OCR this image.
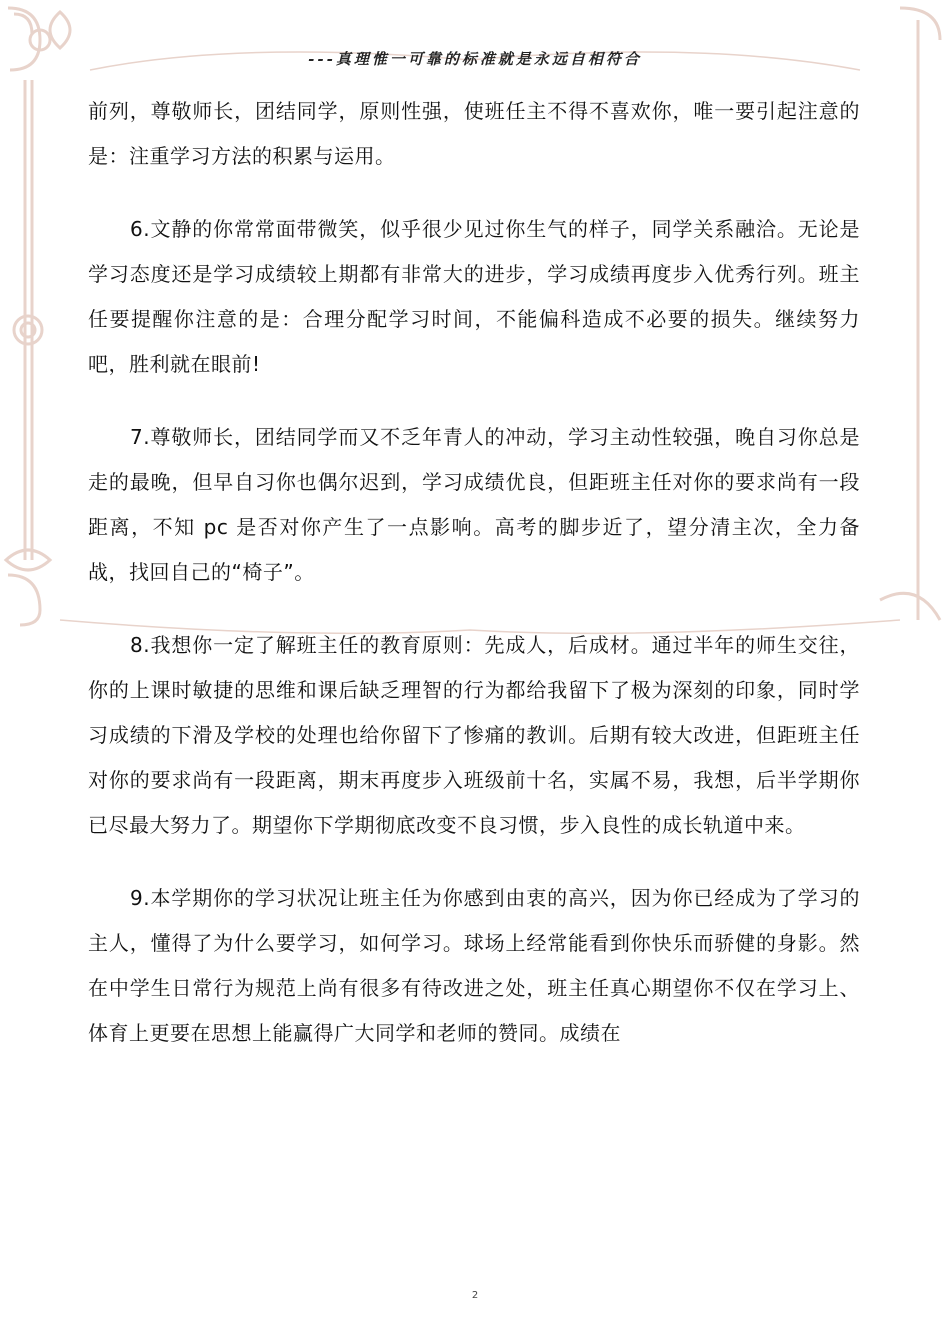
---真理惟一可靠的标准就是永远自相符合

前列，尊敬师长，团结同学，原则性强，使班任主不得不喜欢你，唯一要引起注意的是：注重学习方法的积累与运用。

6.文静的你常常面带微笑，似乎很少见过你生气的样子，同学关系融洽。无论是学习态度还是学习成绩较上期都有非常大的进步，学习成绩再度步入优秀行列。班主任要提醒你注意的是：合理分配学习时间，不能偏科造成不必要的损失。继续努力吧，胜利就在眼前!

7.尊敬师长，团结同学而又不乏年青人的冲动，学习主动性较强，晚自习你总是走的最晚，但早自习你也偶尔迟到，学习成绩优良，但距班主任对你的要求尚有一段距离，不知 pc 是否对你产生了一点影响。高考的脚步近了，望分清主次，全力备战，找回自己的“椅子”。

8.我想你一定了解班主任的教育原则：先成人，后成材。通过半年的师生交往，你的上课时敏捷的思维和课后缺乏理智的行为都给我留下了极为深刻的印象，同时学习成绩的下滑及学校的处理也给你留下了惨痛的教训。后期有较大改进，但距班主任对你的要求尚有一段距离，期末再度步入班级前十名，实属不易，我想，后半学期你已尽最大努力了。期望你下学期彻底改变不良习惯，步入良性的成长轨道中来。

9.本学期你的学习状况让班主任为你感到由衷的高兴，因为你已经成为了学习的主人，懂得了为什么要学习，如何学习。球场上经常能看到你快乐而骄健的身影。然在中学生日常行为规范上尚有很多有待改进之处，班主任真心期望你不仅在学习上、体育上更要在思想上能赢得广大同学和老师的赞同。成绩在

2
